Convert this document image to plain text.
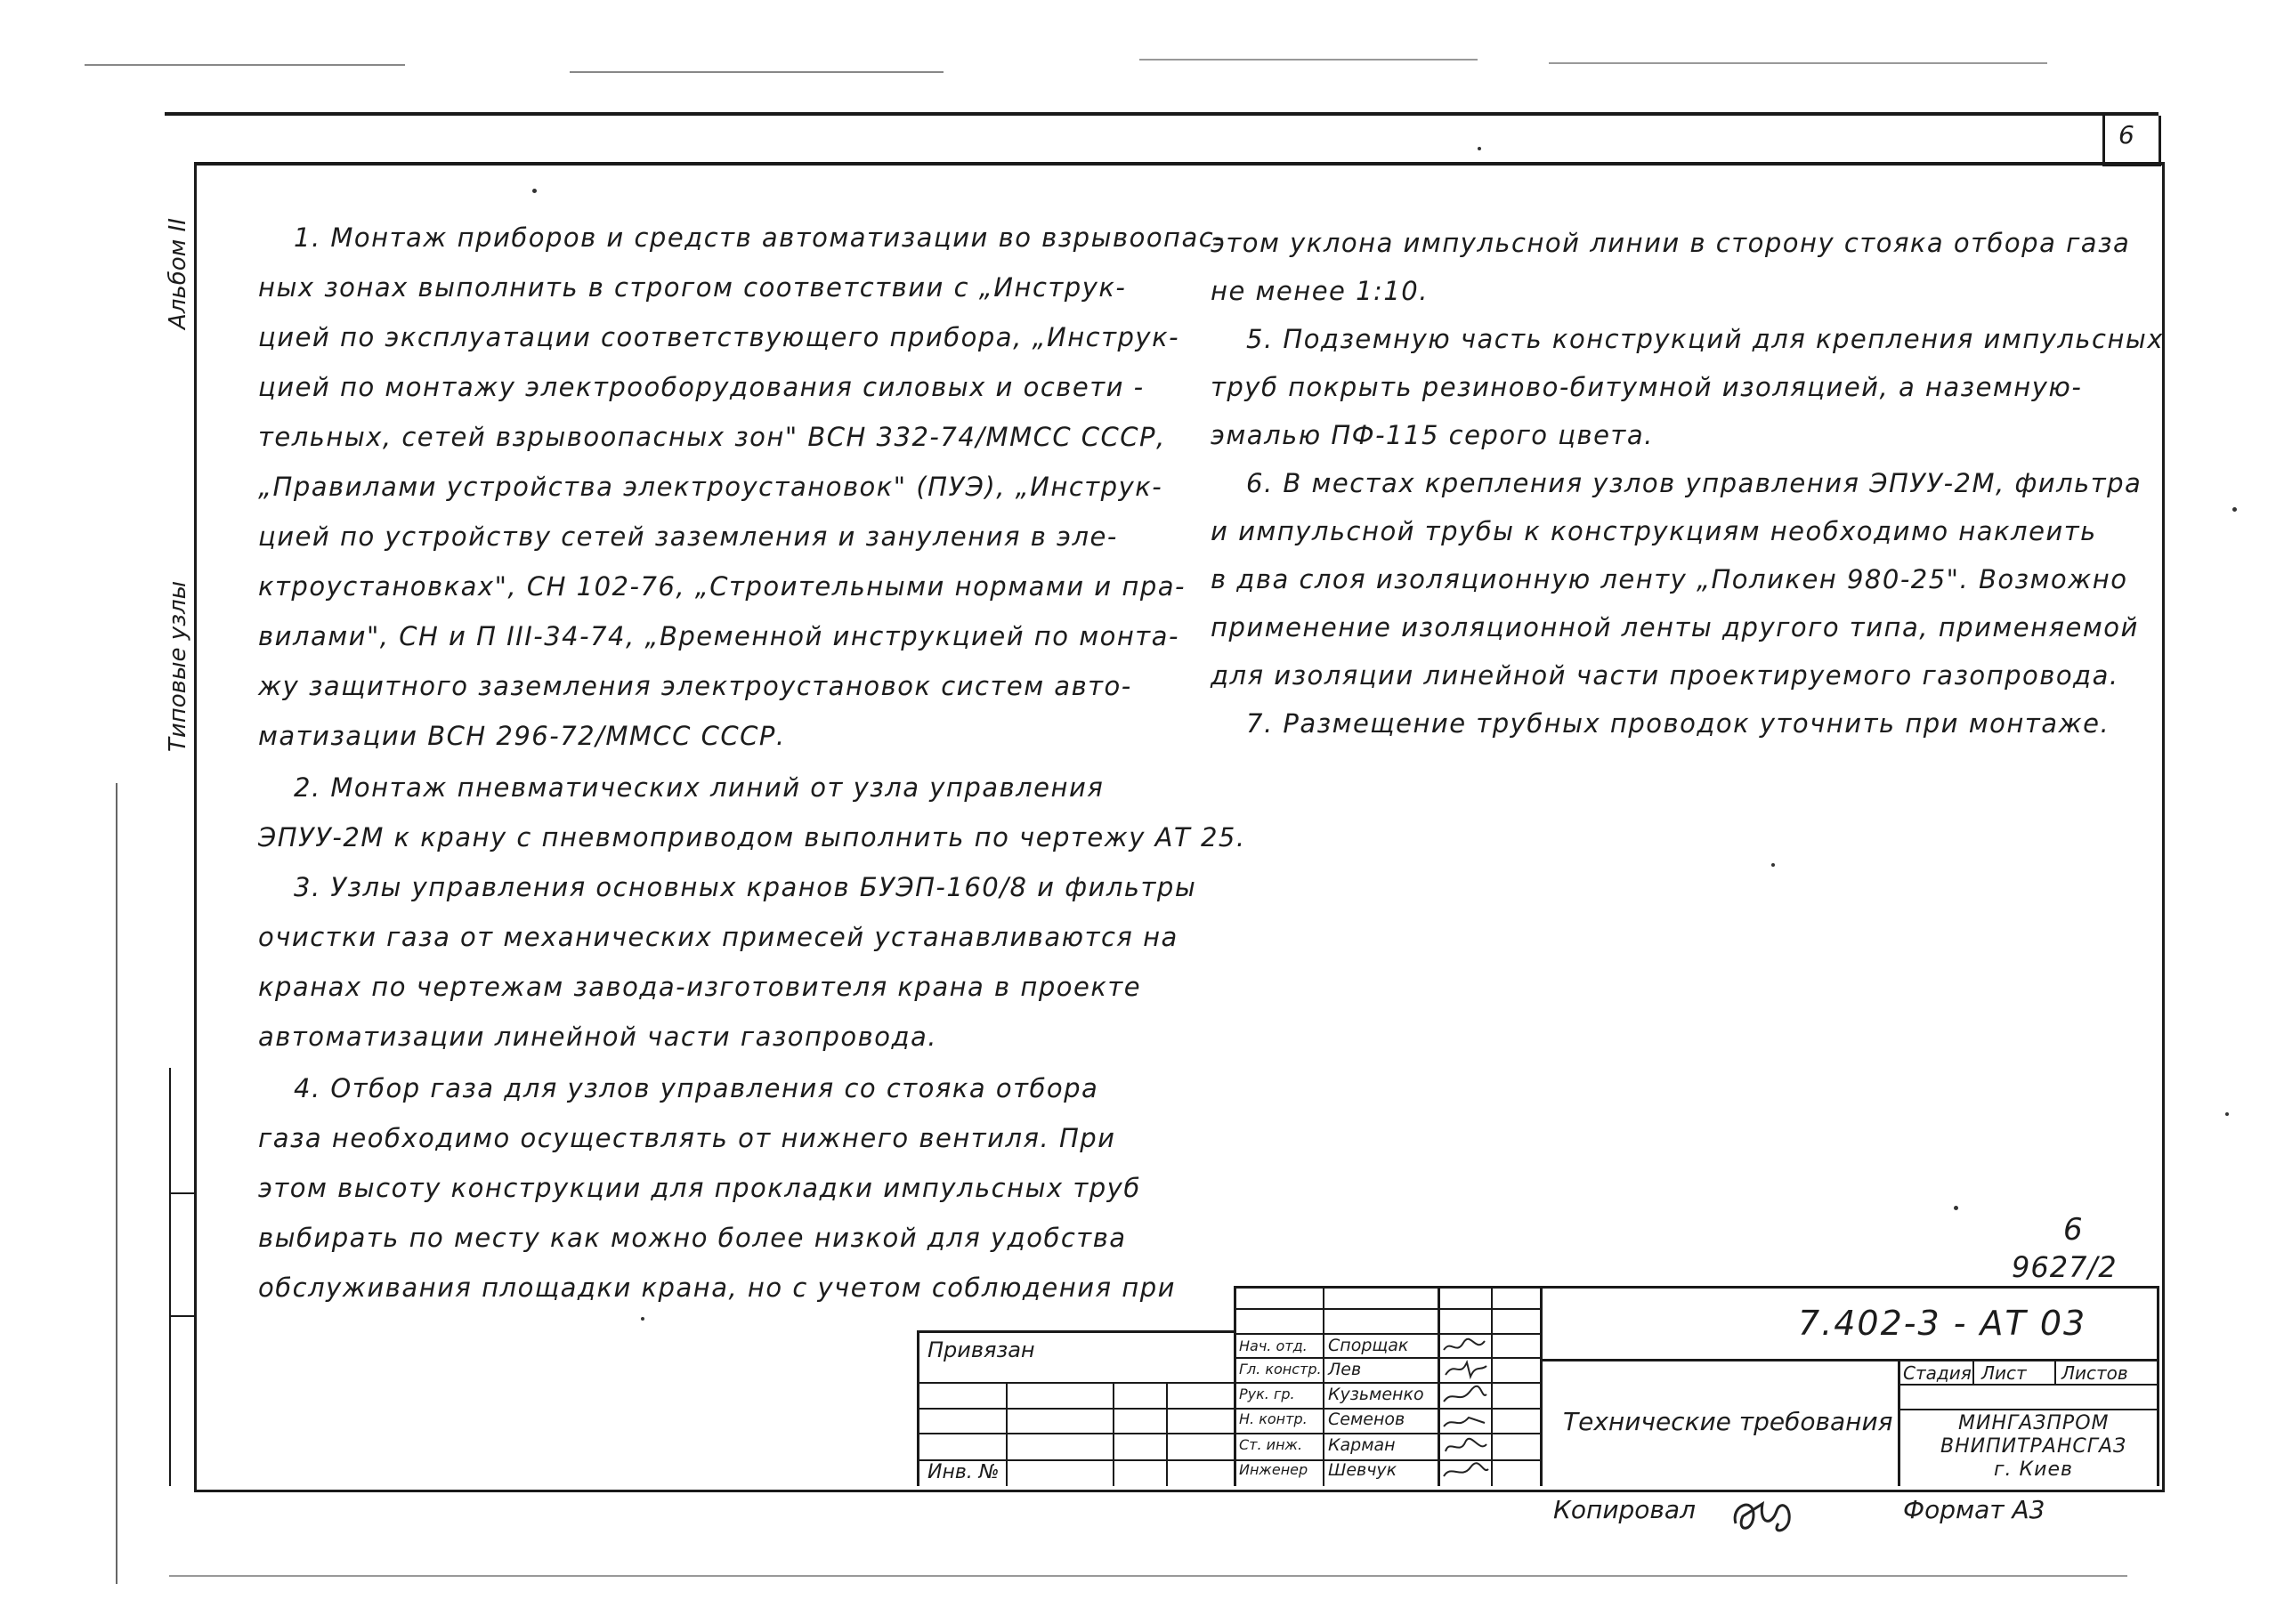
6
Альбом II
Типовые узлы
1. Монтаж приборов и средств автоматизации во взрывоопас-
ных зонах выполнить в строгом соответствии с „Инструк-
цией по эксплуатации соответствующего прибора, „Инструк-
цией по монтажу электрооборудования силовых и освети -
тельных, сетей взрывоопасных зон" ВСН 332-74/ММСС СССР,
„Правилами устройства электроустановок" (ПУЭ), „Инструк-
цией по устройству сетей заземления и зануления в эле-
ктроустановках", СН 102-76, „Строительными нормами и пра-
вилами", СН и П III-34-74, „Временной инструкцией по монта-
жу защитного заземления электроустановок систем авто-
матизации ВСН 296-72/ММСС СССР.
2. Монтаж пневматических линий от узла управления
ЭПУУ-2М к крану с пневмоприводом выполнить по чертежу АТ 25.
3. Узлы управления основных кранов БУЭП-160/8 и фильтры
очистки газа от механических примесей устанавливаются на
кранах по чертежам завода-изготовителя крана в проекте
автоматизации линейной части газопровода.
4. Отбор газа для узлов управления со стояка отбора
газа необходимо осуществлять от нижнего вентиля. При
этом высоту конструкции для прокладки импульсных труб
выбирать по месту как можно более низкой для удобства
обслуживания площадки крана, но с учетом соблюдения при
этом уклона импульсной линии в сторону стояка отбора газа
не менее 1:10.
5. Подземную часть конструкций для крепления импульсных
труб покрыть резиново-битумной изоляцией, а наземную-
эмалью ПФ-115 серого цвета.
6. В местах крепления узлов управления ЭПУУ-2М, фильтра
и импульсной трубы к конструкциям необходимо наклеить
в два слоя изоляционную ленту „Поликен 980-25". Возможно
применение изоляционной ленты другого типа, применяемой
для изоляции линейной части проектируемого газопровода.
7. Размещение трубных проводок уточнить при монтаже.
6
9627/2
Привязан
Инв. №
Нач. отд.
Гл. констр.
Рук. гр.
Н. контр.
Ст. инж.
Инженер
Спорщак
Лев
Кузьменко
Семенов
Карман
Шевчук
7.402-3 - АТ 03
Технические требования
Стадия Лист Листов
МИНГАЗПРОМ
ВНИПИТРАНСГАЗ
г. Киев
Копировал	Формат А3
